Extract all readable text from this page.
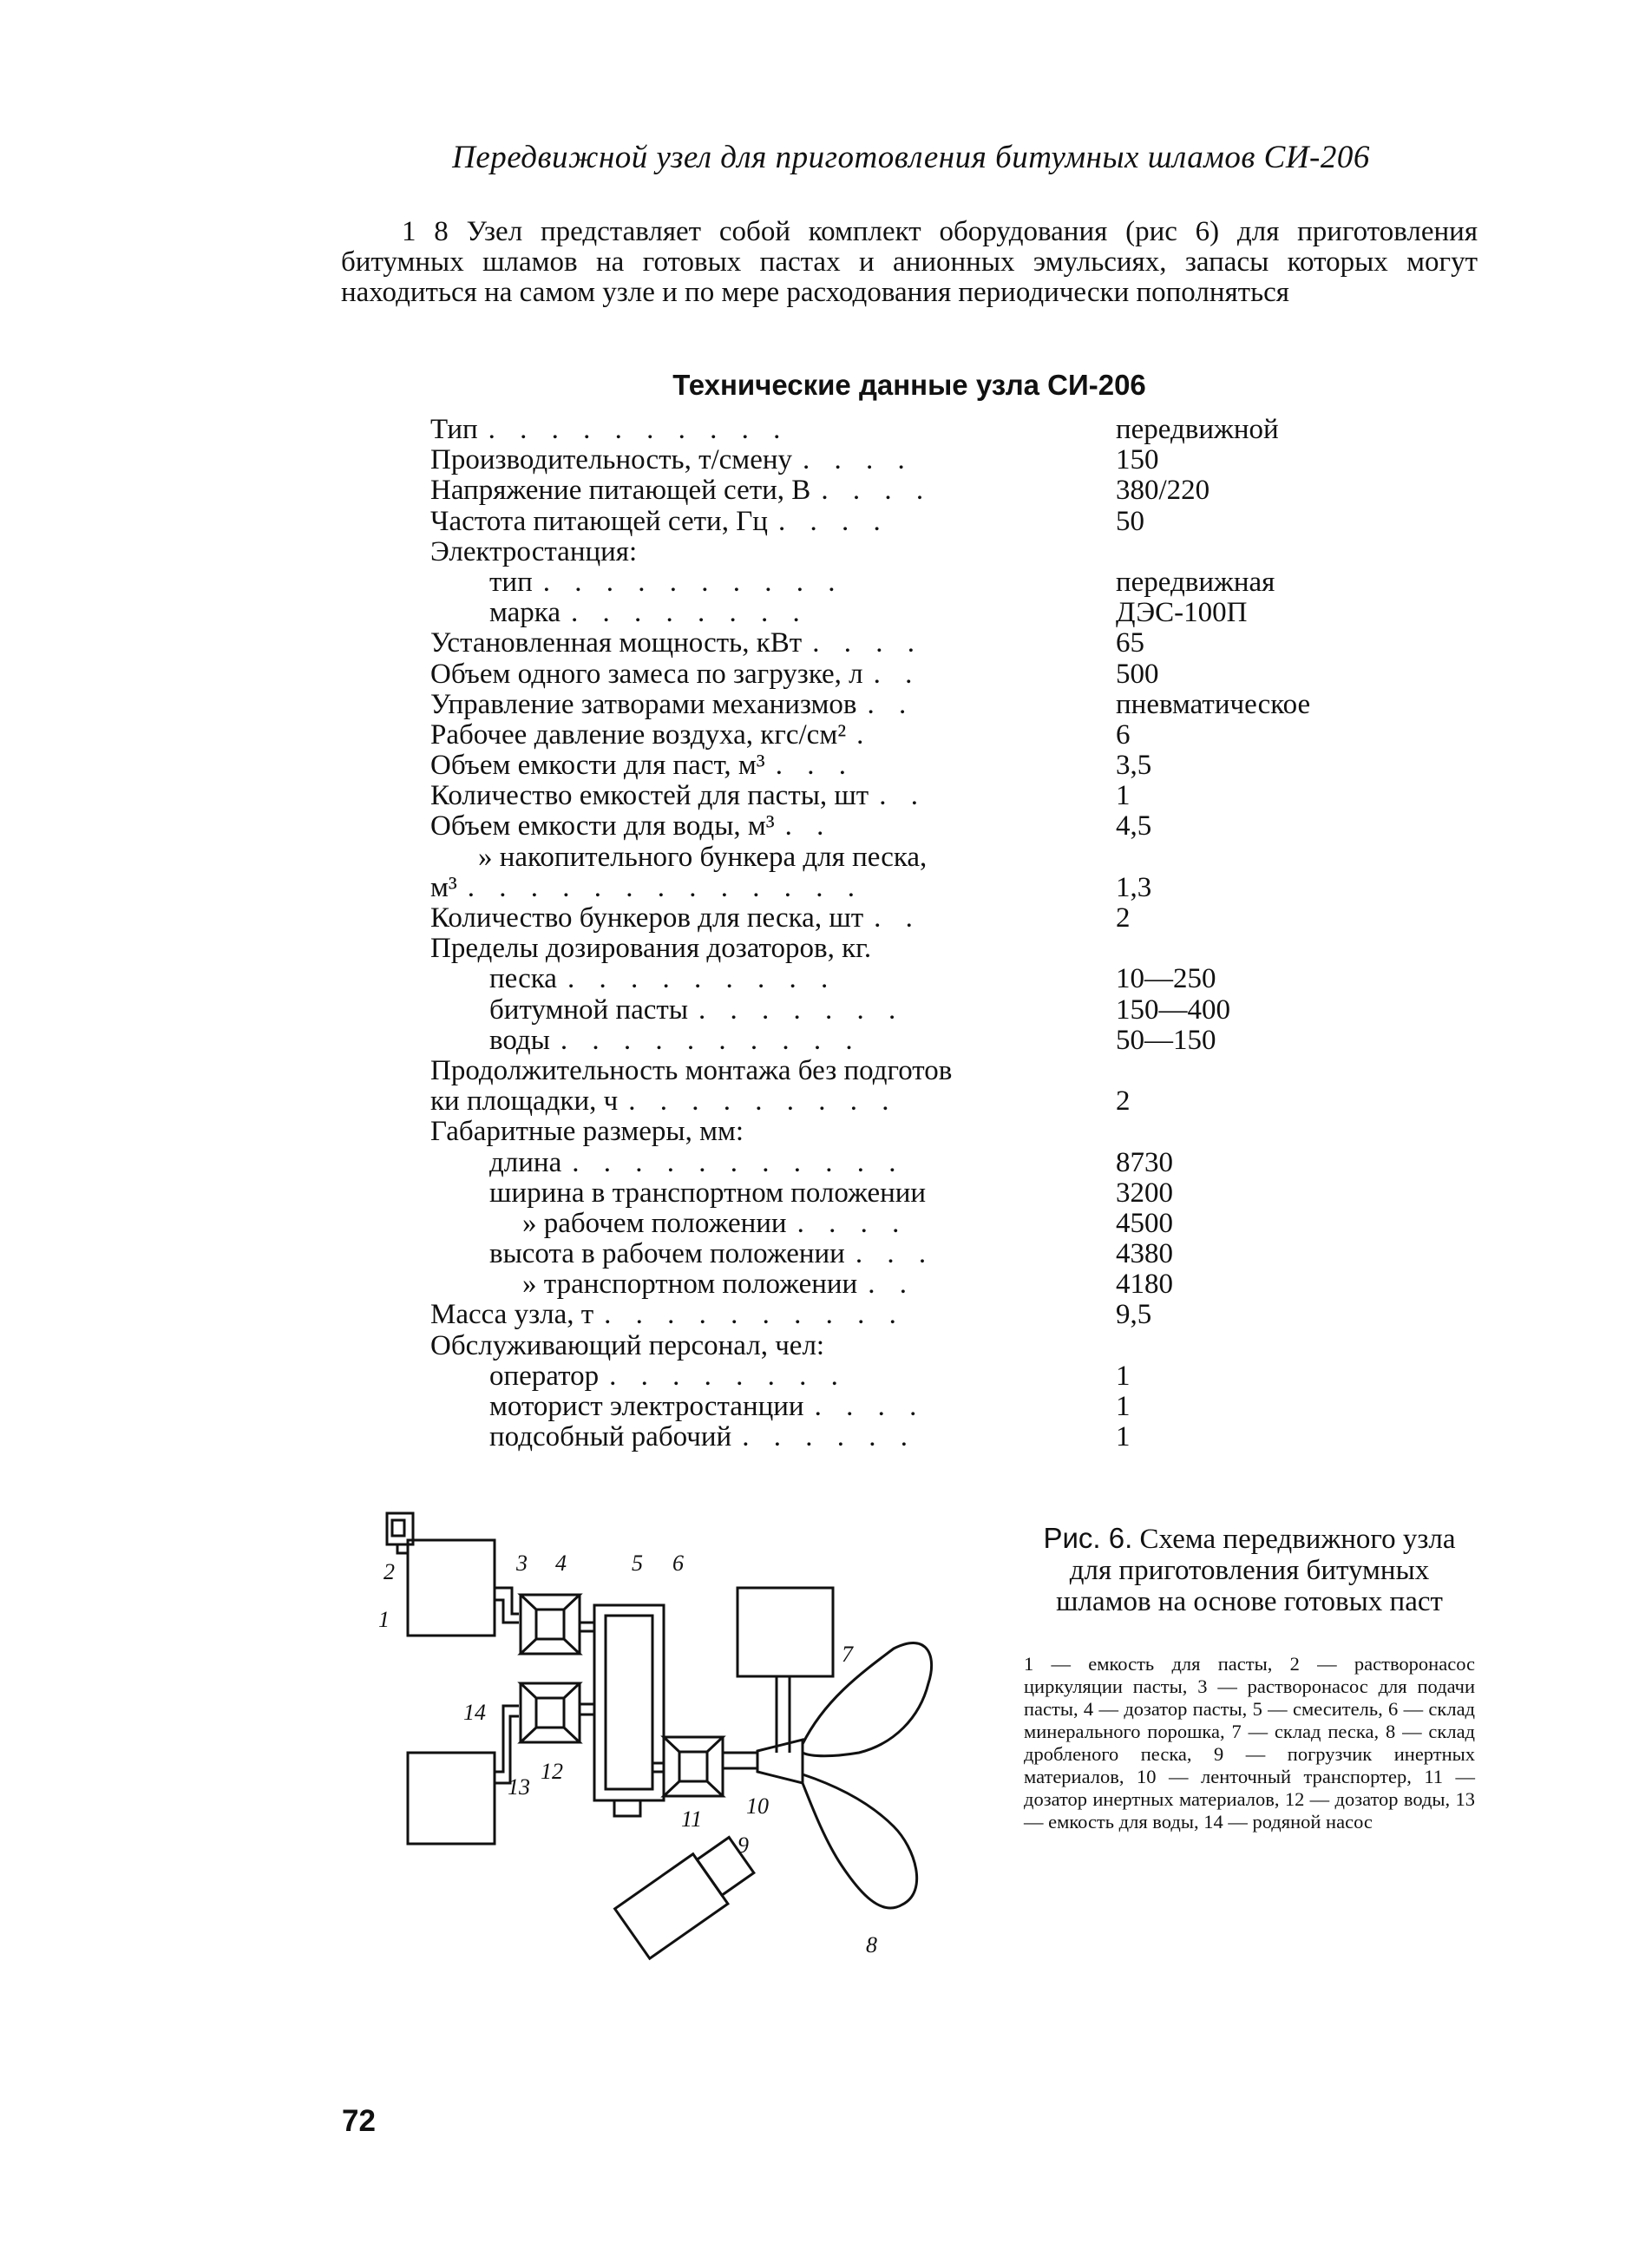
Передвижной узел для приготовления битумных шламов СИ-206

1 8 Узел представляет собой комплект оборудования (рис 6) для приготовления битумных шламов на готовых пастах и анионных эмульсиях, запасы которых могут находиться на самом узле и по мере расходования периодически пополняться

Технические данные узла СИ-206
Тип . . . . . . . . . .	передвижной
Производительность, т/смену . . . .	150
Напряжение питающей сети, В . . . .	380/220
Частота питающей сети, Гц . . . .	50
Электростанция:
тип . . . . . . . . . .	передвижная
марка . . . . . . . .	ДЭС-100П
Установленная мощность, кВт . . . .	65
Объем одного замеса по загрузке, л . .	500
Управление затворами механизмов . .	пневматическое
Рабочее давление воздуха, кгс/см² .	6
Объем емкости для паст, м³ . . .	3,5
Количество емкостей для пасты, шт . .	1
Объем емкости для воды, м³ . .	4,5
» накопительного бункера для песка,
м³ . . . . . . . . . . . . .	1,3
Количество бункеров для песка, шт . .	2
Пределы дозирования дозаторов, кг.
песка . . . . . . . . .	10—250
битумной пасты . . . . . . .	150—400
воды . . . . . . . . . .	50—150
Продолжительность монтажа без подготов
ки площадки, ч . . . . . . . . .	2
Габаритные размеры, мм:
длина . . . . . . . . . . .	8730
ширина в транспортном положении	3200
» рабочем положении . . . .	4500
высота в рабочем положении . . .	4380
» транспортном положении . .	4180
Масса узла, т . . . . . . . . . .	9,5
Обслуживающий персонал, чел:
оператор . . . . . . . .	1
моторист электростанции . . . .	1
подсобный рабочий . . . . . .	1
1
2	3 4	5 6
7
8
9
10
11
12
13
14
Рис. 6. Схема передвижного узла для приготовления битумных шламов на основе готовых паст
1 — емкость для пасты, 2 — растворонасос циркуляции пасты, 3 — растворонасос для подачи пасты, 4 — дозатор пасты, 5 — смеситель, 6 — склад минерального порошка, 7 — склад песка, 8 — склад дробленого песка, 9 — погрузчик инертных материалов, 10 — ленточный транспортер, 11 — дозатор инертных материалов, 12 — дозатор воды, 13 — емкость для воды, 14 — родяной насос
72
